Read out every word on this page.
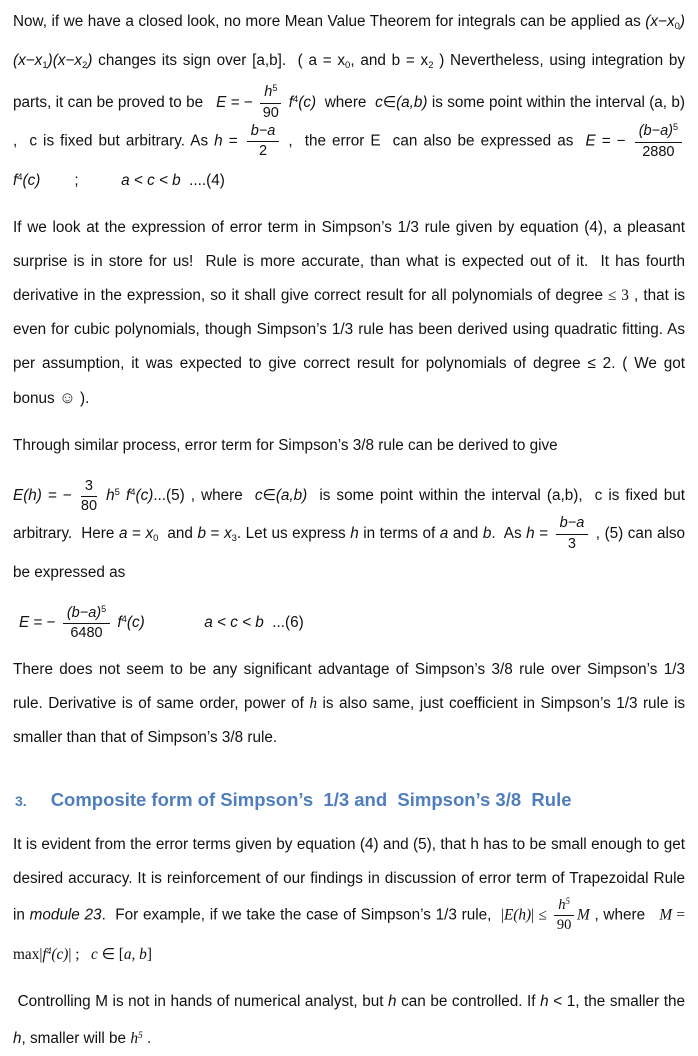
Now, if we have a closed look, no more Mean Value Theorem for integrals can be applied as (x−x0)(x−x1)(x−x2) changes its sign over [a,b].  ( a = x0, and b = x2 ) Nevertheless, using integration by parts, it can be proved to be   E = − $\frac{h^5}{90} f^4(c)$  where  c∈(a,b) is some point within the interval (a, b) ,  c is fixed but arbitrary. As $h = \frac{b-a}{2}$ ,  the error E  can also be expressed as  E = − $\frac{(b-a)^5}{2880}$
$f^4(c)$        ;          a < c < b  ....(4)

If we look at the expression of error term in Simpson’s 1/3 rule given by equation (4), a pleasant surprise is in store for us!  Rule is more accurate, than what is expected out of it.  It has fourth derivative in the expression, so it shall give correct result for all polynomials of degree ≤ 3 , that is even for cubic polynomials, though Simpson’s 1/3 rule has been derived using quadratic fitting. As per assumption, it was expected to give correct result for polynomials of degree ≤ 2. ( We got bonus ☺ ).

Through similar process, error term for Simpson’s 3/8 rule can be derived to give

E(h) = − $\frac{3}{80} h^5$ $f^4(c)...(5)$ , where  c∈(a,b)  is some point within the interval (a,b),  c is fixed but arbitrary.  Here a = x0  and b = x3. Let us express h in terms of a and b.  As $h = \frac{b-a}{3}$ , (5) can also be expressed as

E = − $\frac{(b-a)^5}{6480} f^4(c)$	a < c < b  ...(6)

There does not seem to be any significant advantage of Simpson’s 3/8 rule over Simpson’s 1/3 rule. Derivative is of same order, power of h is also same, just coefficient in Simpson’s 1/3 rule is smaller than that of Simpson’s 3/8 rule.

3. Composite form of Simpson’s  1/3 and  Simpson’s 3/8  Rule

It is evident from the error terms given by equation (4) and (5), that h has to be small enough to get desired accuracy. It is reinforcement of our findings in discussion of error term of Trapezoidal Rule in module 23.  For example, if we take the case of Simpson’s 1/3 rule,  $|E(h)| \le \frac{h^5}{90}$ M , where   $M = \max|f^4(c)|$ ;   c ∈ [a, b]

Controlling M is not in hands of numerical analyst, but h can be controlled. If h < 1, the smaller the h, smaller will be $h^5$ .
